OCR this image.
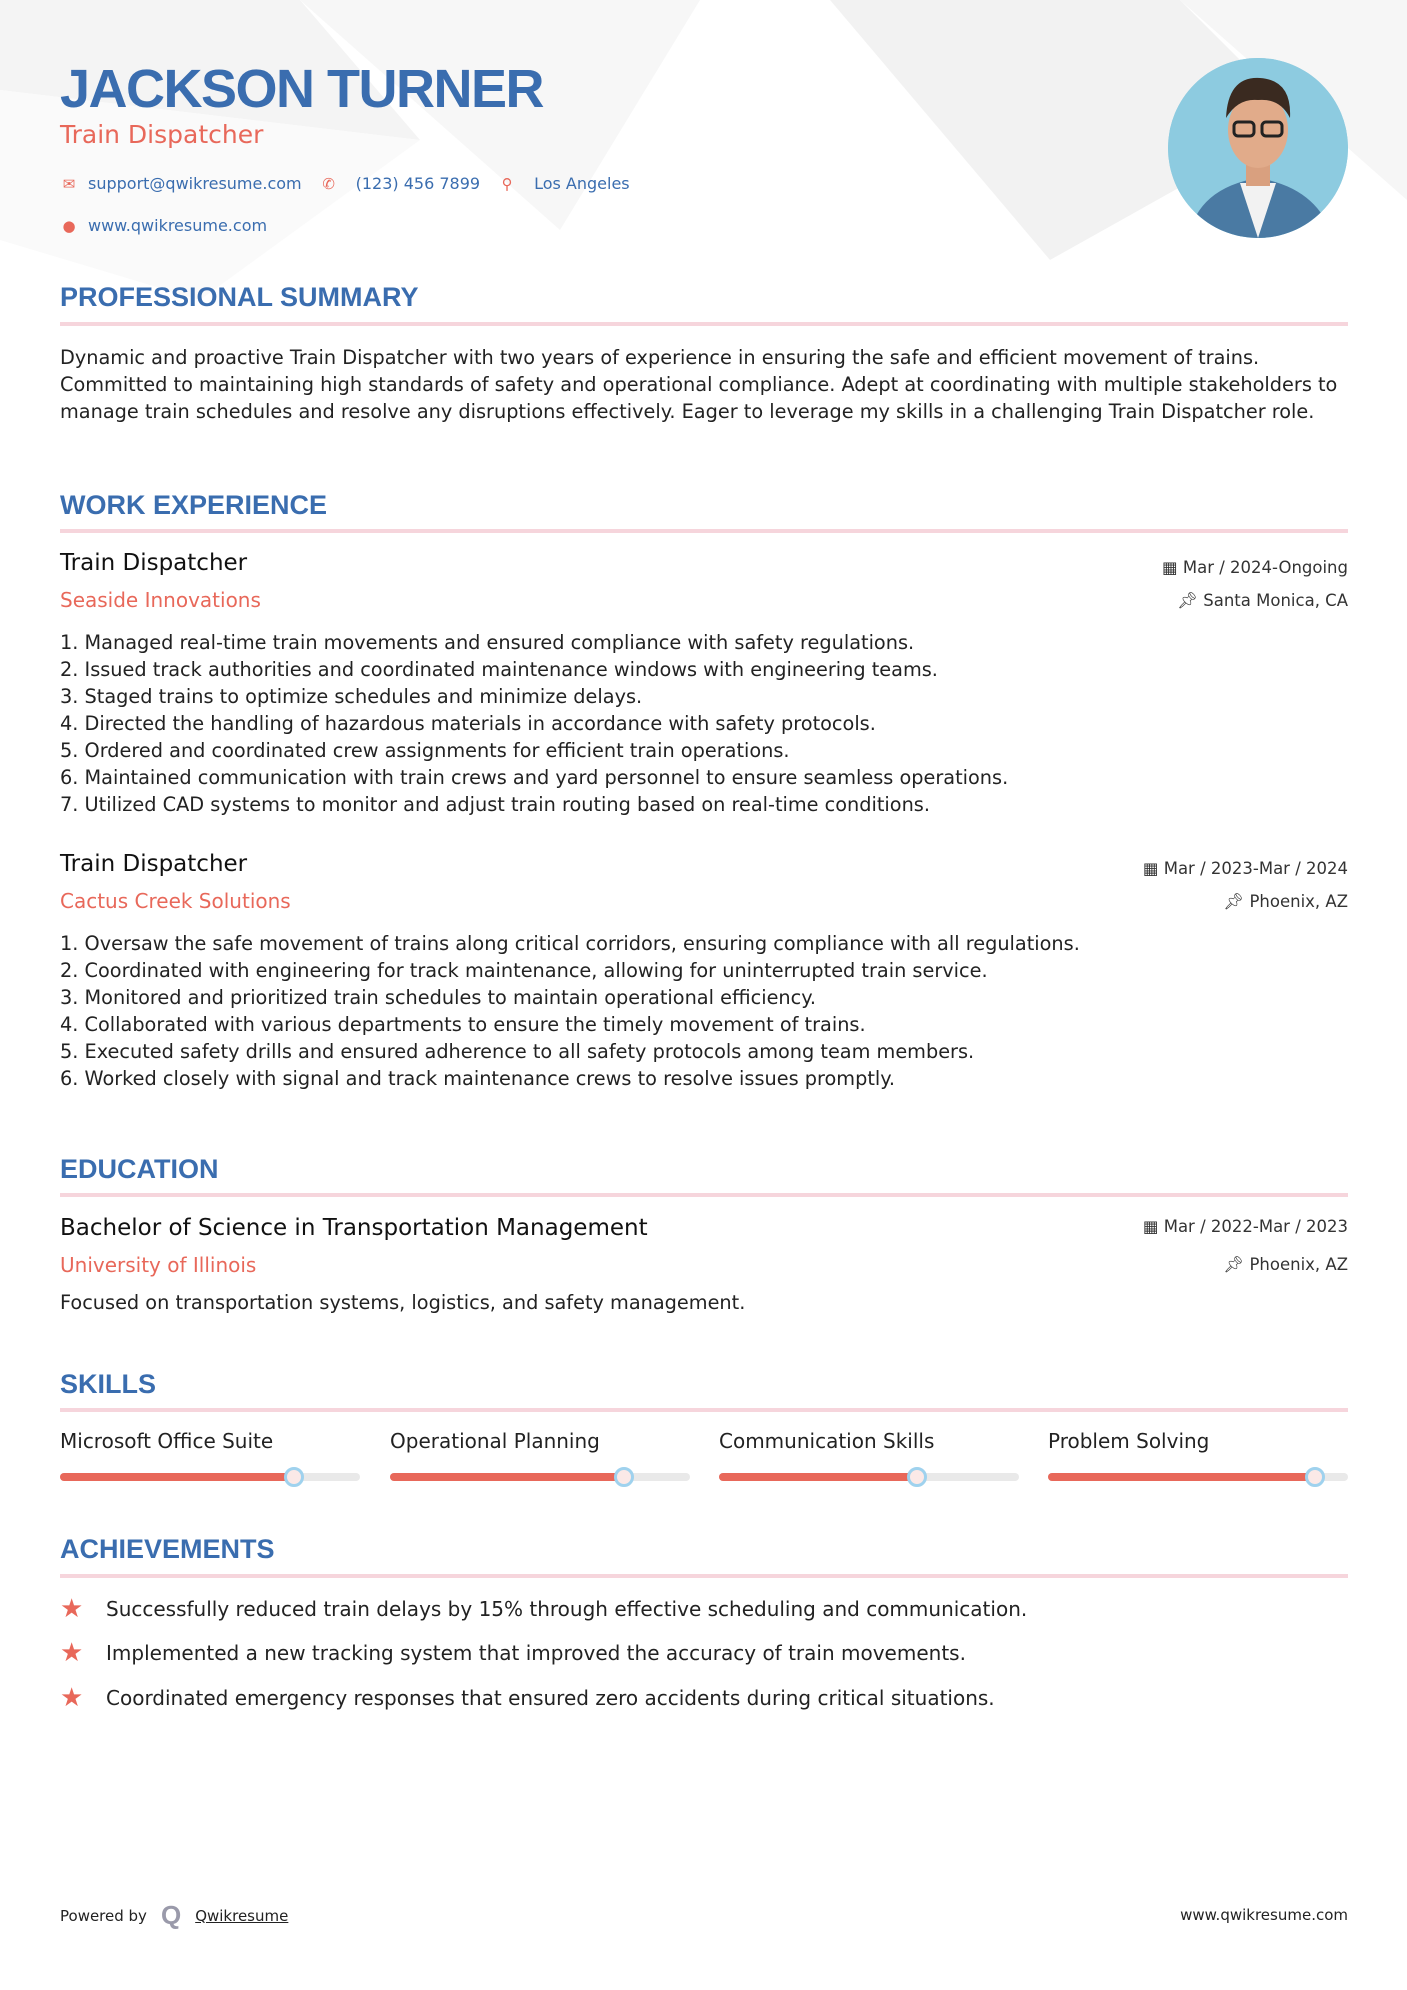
JACKSON TURNER
Train Dispatcher
✉ support@qwikresume.com ✆ (123) 456 7899 ⚲ Los Angeles
● www.qwikresume.com
PROFESSIONAL SUMMARY
Dynamic and proactive Train Dispatcher with two years of experience in ensuring the safe and efficient movement of trains. Committed to maintaining high standards of safety and operational compliance. Adept at coordinating with multiple stakeholders to manage train schedules and resolve any disruptions effectively. Eager to leverage my skills in a challenging Train Dispatcher role.
WORK EXPERIENCE
Train Dispatcher
Seaside Innovations
▦ Mar / 2024-Ongoing
📌︎ Santa Monica, CA
1. Managed real-time train movements and ensured compliance with safety regulations.
2. Issued track authorities and coordinated maintenance windows with engineering teams.
3. Staged trains to optimize schedules and minimize delays.
4. Directed the handling of hazardous materials in accordance with safety protocols.
5. Ordered and coordinated crew assignments for efficient train operations.
6. Maintained communication with train crews and yard personnel to ensure seamless operations.
7. Utilized CAD systems to monitor and adjust train routing based on real-time conditions.
Train Dispatcher
Cactus Creek Solutions
▦ Mar / 2023-Mar / 2024
📌︎ Phoenix, AZ
1. Oversaw the safe movement of trains along critical corridors, ensuring compliance with all regulations.
2. Coordinated with engineering for track maintenance, allowing for uninterrupted train service.
3. Monitored and prioritized train schedules to maintain operational efficiency.
4. Collaborated with various departments to ensure the timely movement of trains.
5. Executed safety drills and ensured adherence to all safety protocols among team members.
6. Worked closely with signal and track maintenance crews to resolve issues promptly.
EDUCATION
Bachelor of Science in Transportation Management
University of Illinois
▦ Mar / 2022-Mar / 2023
📌︎ Phoenix, AZ
Focused on transportation systems, logistics, and safety management.
SKILLS
Microsoft Office Suite	Operational Planning	Communication Skills	Problem Solving
ACHIEVEMENTS
★	Successfully reduced train delays by 15% through effective scheduling and communication.
★	Implemented a new tracking system that improved the accuracy of train movements.
★	Coordinated emergency responses that ensured zero accidents during critical situations.
Powered by Q Qwikresume	www.qwikresume.com
